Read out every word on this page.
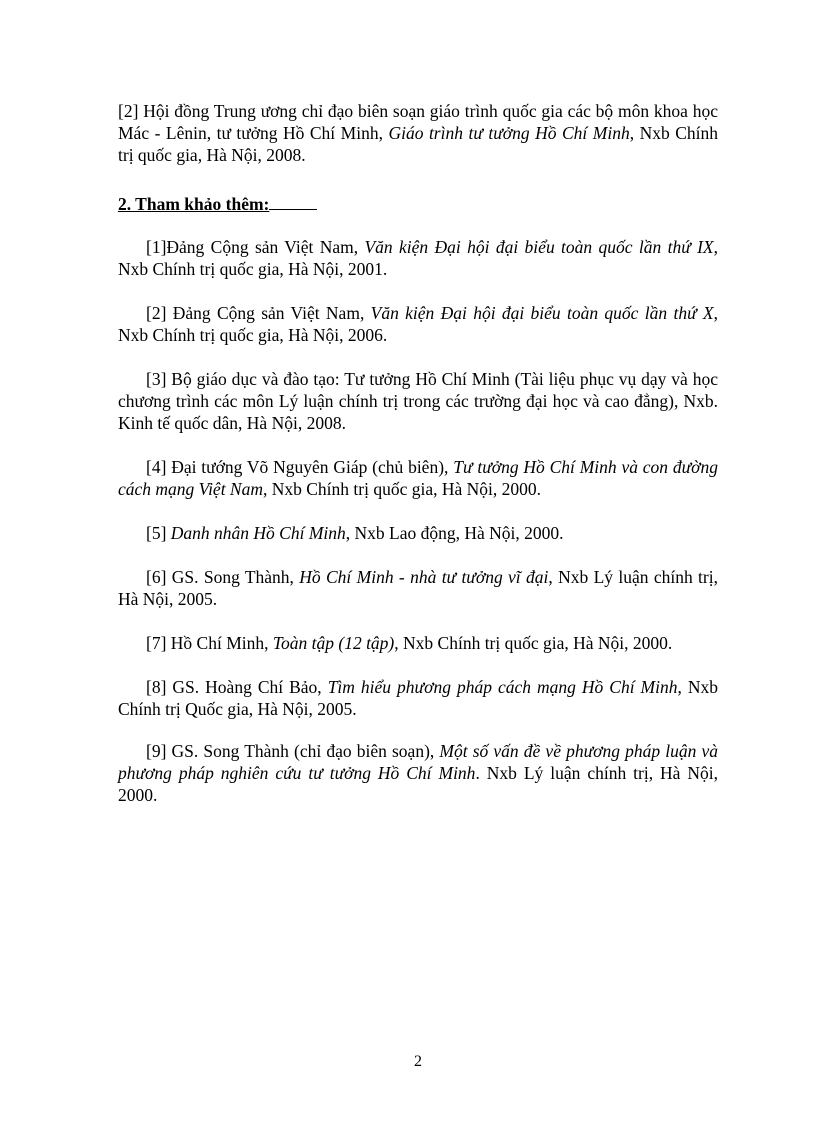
[2] Hội đồng Trung ương chỉ đạo biên soạn giáo trình quốc gia các bộ môn khoa học Mác - Lênin, tư tưởng Hồ Chí Minh, Giáo trình tư tưởng Hồ Chí Minh, Nxb Chính trị quốc gia, Hà Nội, 2008.

2. Tham khảo thêm:

[1]Đảng Cộng sản Việt Nam, Văn kiện Đại hội đại biểu toàn quốc lần thứ IX, Nxb Chính trị quốc gia, Hà Nội, 2001.

[2] Đảng Cộng sản Việt Nam, Văn kiện Đại hội đại biểu toàn quốc lần thứ X, Nxb Chính trị quốc gia, Hà Nội, 2006.

[3] Bộ giáo dục và đào tạo: Tư tưởng Hồ Chí Minh (Tài liệu phục vụ dạy và học chương trình các môn Lý luận chính trị trong các trường đại học và cao đẳng), Nxb. Kinh tế quốc dân, Hà Nội, 2008.

[4] Đại tướng Võ Nguyên Giáp (chủ biên), Tư tưởng Hồ Chí Minh và con đường cách mạng Việt Nam, Nxb Chính trị quốc gia, Hà Nội, 2000.

[5] Danh nhân Hồ Chí Minh, Nxb Lao động, Hà Nội, 2000.

[6] GS. Song Thành, Hồ Chí Minh - nhà tư tưởng vĩ đại, Nxb Lý luận chính trị, Hà Nội, 2005.

[7] Hồ Chí Minh, Toàn tập (12 tập), Nxb Chính trị quốc gia, Hà Nội, 2000.

[8] GS. Hoàng Chí Bảo, Tìm hiểu phương pháp cách mạng Hồ Chí Minh, Nxb Chính trị Quốc gia, Hà Nội, 2005.

[9] GS. Song Thành (chỉ đạo biên soạn), Một số vấn đề về phương pháp luận và phương pháp nghiên cứu tư tưởng Hồ Chí Minh. Nxb Lý luận chính trị, Hà Nội, 2000.

2
